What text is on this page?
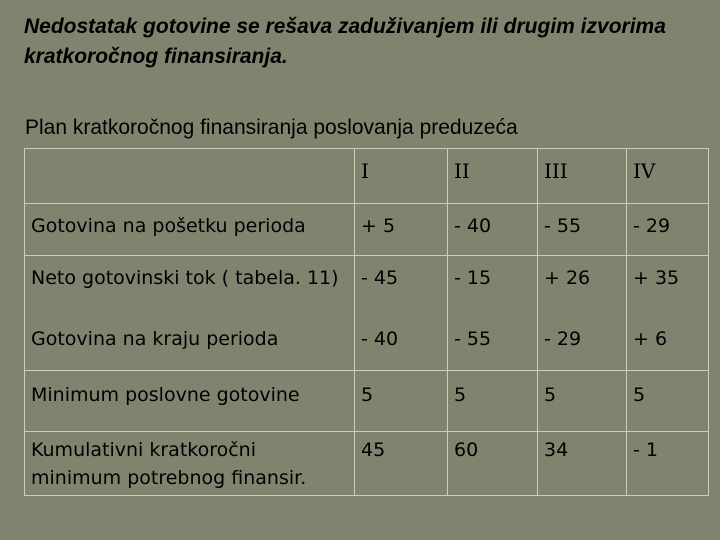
Nedostatak gotovine se rešava zaduživanjem ili drugim izvorima kratkoročnog finansiranja.

Plan kratkoročnog finansiranja poslovanja preduzeća

	I	II	III	IV
Gotovina na pošetku perioda	+ 5	- 40	- 55	- 29
Neto gotovinski tok ( tabela. 11)	- 45	- 15	+ 26	+ 35
Gotovina na kraju perioda	- 40	- 55	- 29	+ 6
Minimum poslovne gotovine	5	5	5	5
Kumulativni kratkoročni minimum potrebnog finansir.	45	60	34	- 1
